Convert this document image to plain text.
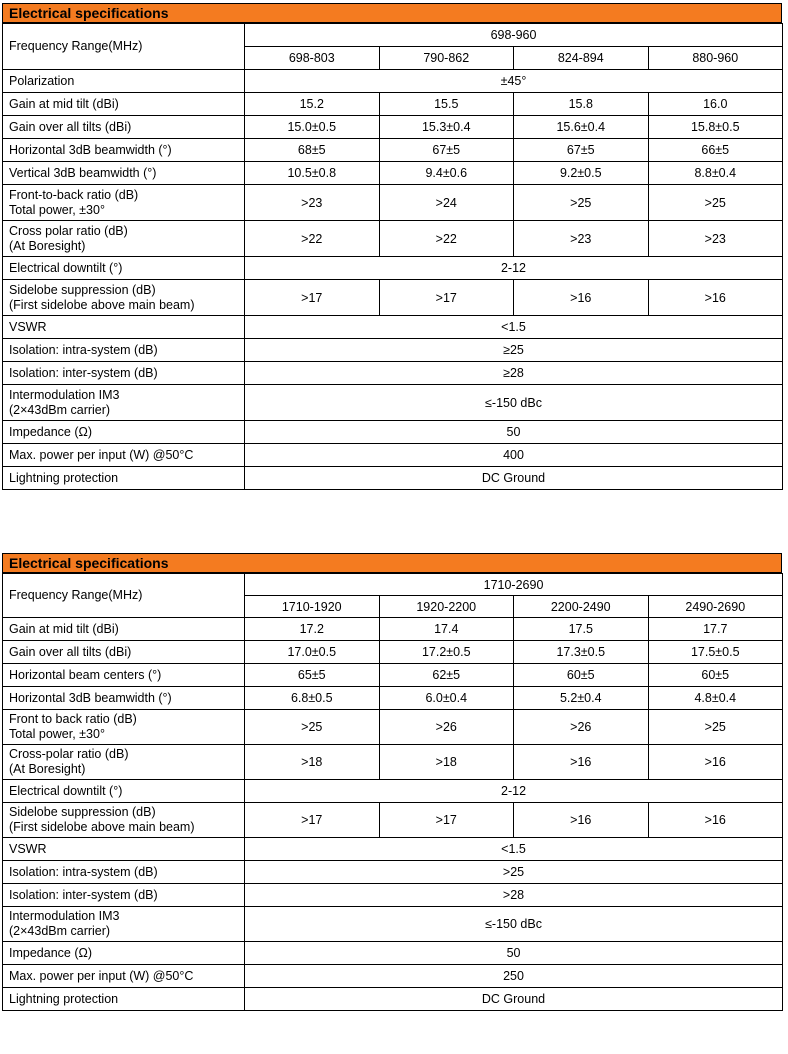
Electrical specifications
Frequency Range(MHz)	698-960			
	698-803	790-862	824-894	880-960

Polarization	±45°			

Gain at mid tilt (dBi)	15.2	15.5	15.8	16.0

Gain over all tilts (dBi)	15.0±0.5	15.3±0.4	15.6±0.4	15.8±0.5

Horizontal 3dB beamwidth (°)	68±5	67±5	67±5	66±5

Vertical 3dB beamwidth (°)	10.5±0.8	9.4±0.6	9.2±0.5	8.8±0.4

Front-to-back ratio (dB)
Total power, ±30°	>23	>24	>25	>25

Cross polar ratio (dB)
(At Boresight)	>22	>22	>23	>23

Electrical downtilt (°)	2-12			

Sidelobe suppression (dB)
(First sidelobe above main beam)	>17	>17	>16	>16

VSWR	<1.5			

Isolation: intra-system (dB)	≥25			

Isolation: inter-system (dB)	≥28			

Intermodulation IM3
(2×43dBm carrier)	≤-150 dBc			

Impedance (Ω)	50			

Max. power per input (W) @50°C	400			

Lightning protection	DC Ground			
Electrical specifications
Frequency Range(MHz)	1710-2690			
	1710-1920	1920-2200	2200-2490	2490-2690

Gain at mid tilt (dBi)	17.2	17.4	17.5	17.7

Gain over all tilts (dBi)	17.0±0.5	17.2±0.5	17.3±0.5	17.5±0.5

Horizontal beam centers (°)	65±5	62±5	60±5	60±5

Horizontal 3dB beamwidth (°)	6.8±0.5	6.0±0.4	5.2±0.4	4.8±0.4

Front to back ratio (dB)
Total power, ±30°	>25	>26	>26	>25

Cross-polar ratio (dB)
(At Boresight)	>18	>18	>16	>16

Electrical downtilt (°)	2-12			

Sidelobe suppression (dB)
(First sidelobe above main beam)	>17	>17	>16	>16

VSWR	<1.5			

Isolation: intra-system (dB)	>25			

Isolation: inter-system (dB)	>28			

Intermodulation IM3
(2×43dBm carrier)	≤-150 dBc			

Impedance (Ω)	50			

Max. power per input (W) @50°C	250			

Lightning protection	DC Ground			
